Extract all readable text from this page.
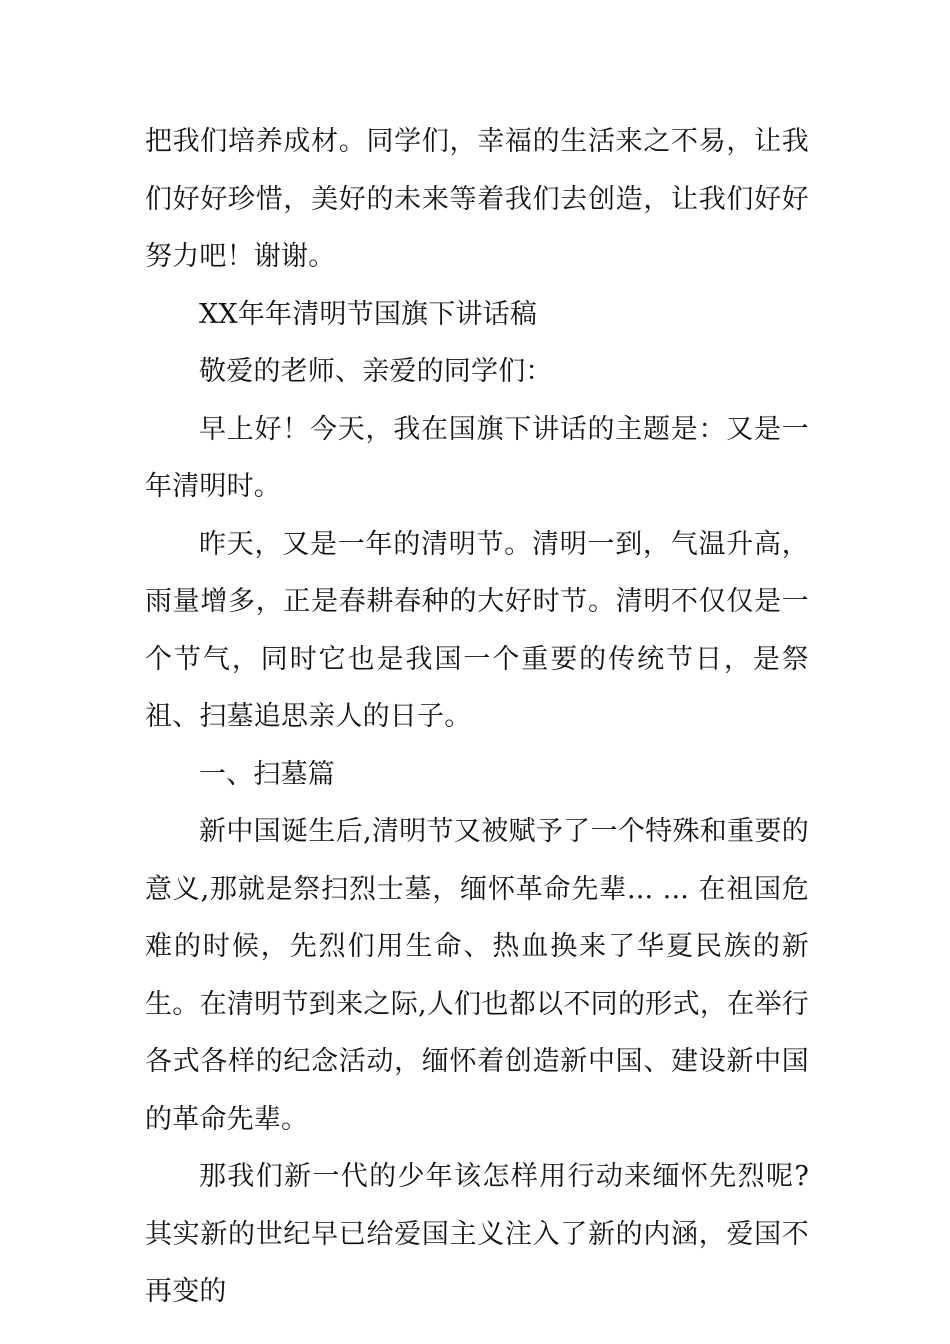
把我们培养成材。同学们，幸福的生活来之不易，让我们好好珍惜，美好的未来等着我们去创造，让我们好好努力吧！谢谢。

XX年年清明节国旗下讲话稿

敬爱的老师、亲爱的同学们：

早上好！今天，我在国旗下讲话的主题是：又是一年清明时。

昨天，又是一年的清明节。清明一到，气温升高，雨量增多，正是春耕春种的大好时节。清明不仅仅是一个节气，同时它也是我国一个重要的传统节日，是祭祖、扫墓追思亲人的日子。

一、扫墓篇

新中国诞生后,清明节又被赋予了一个特殊和重要的意义,那就是祭扫烈士墓，缅怀革命先辈... ... 在祖国危难的时候，先烈们用生命、热血换来了华夏民族的新生。在清明节到来之际,人们也都以不同的形式，在举行各式各样的纪念活动，缅怀着创造新中国、建设新中国的革命先辈。

那我们新一代的少年该怎样用行动来缅怀先烈呢?其实新的世纪早已给爱国主义注入了新的内涵，爱国不再变的
